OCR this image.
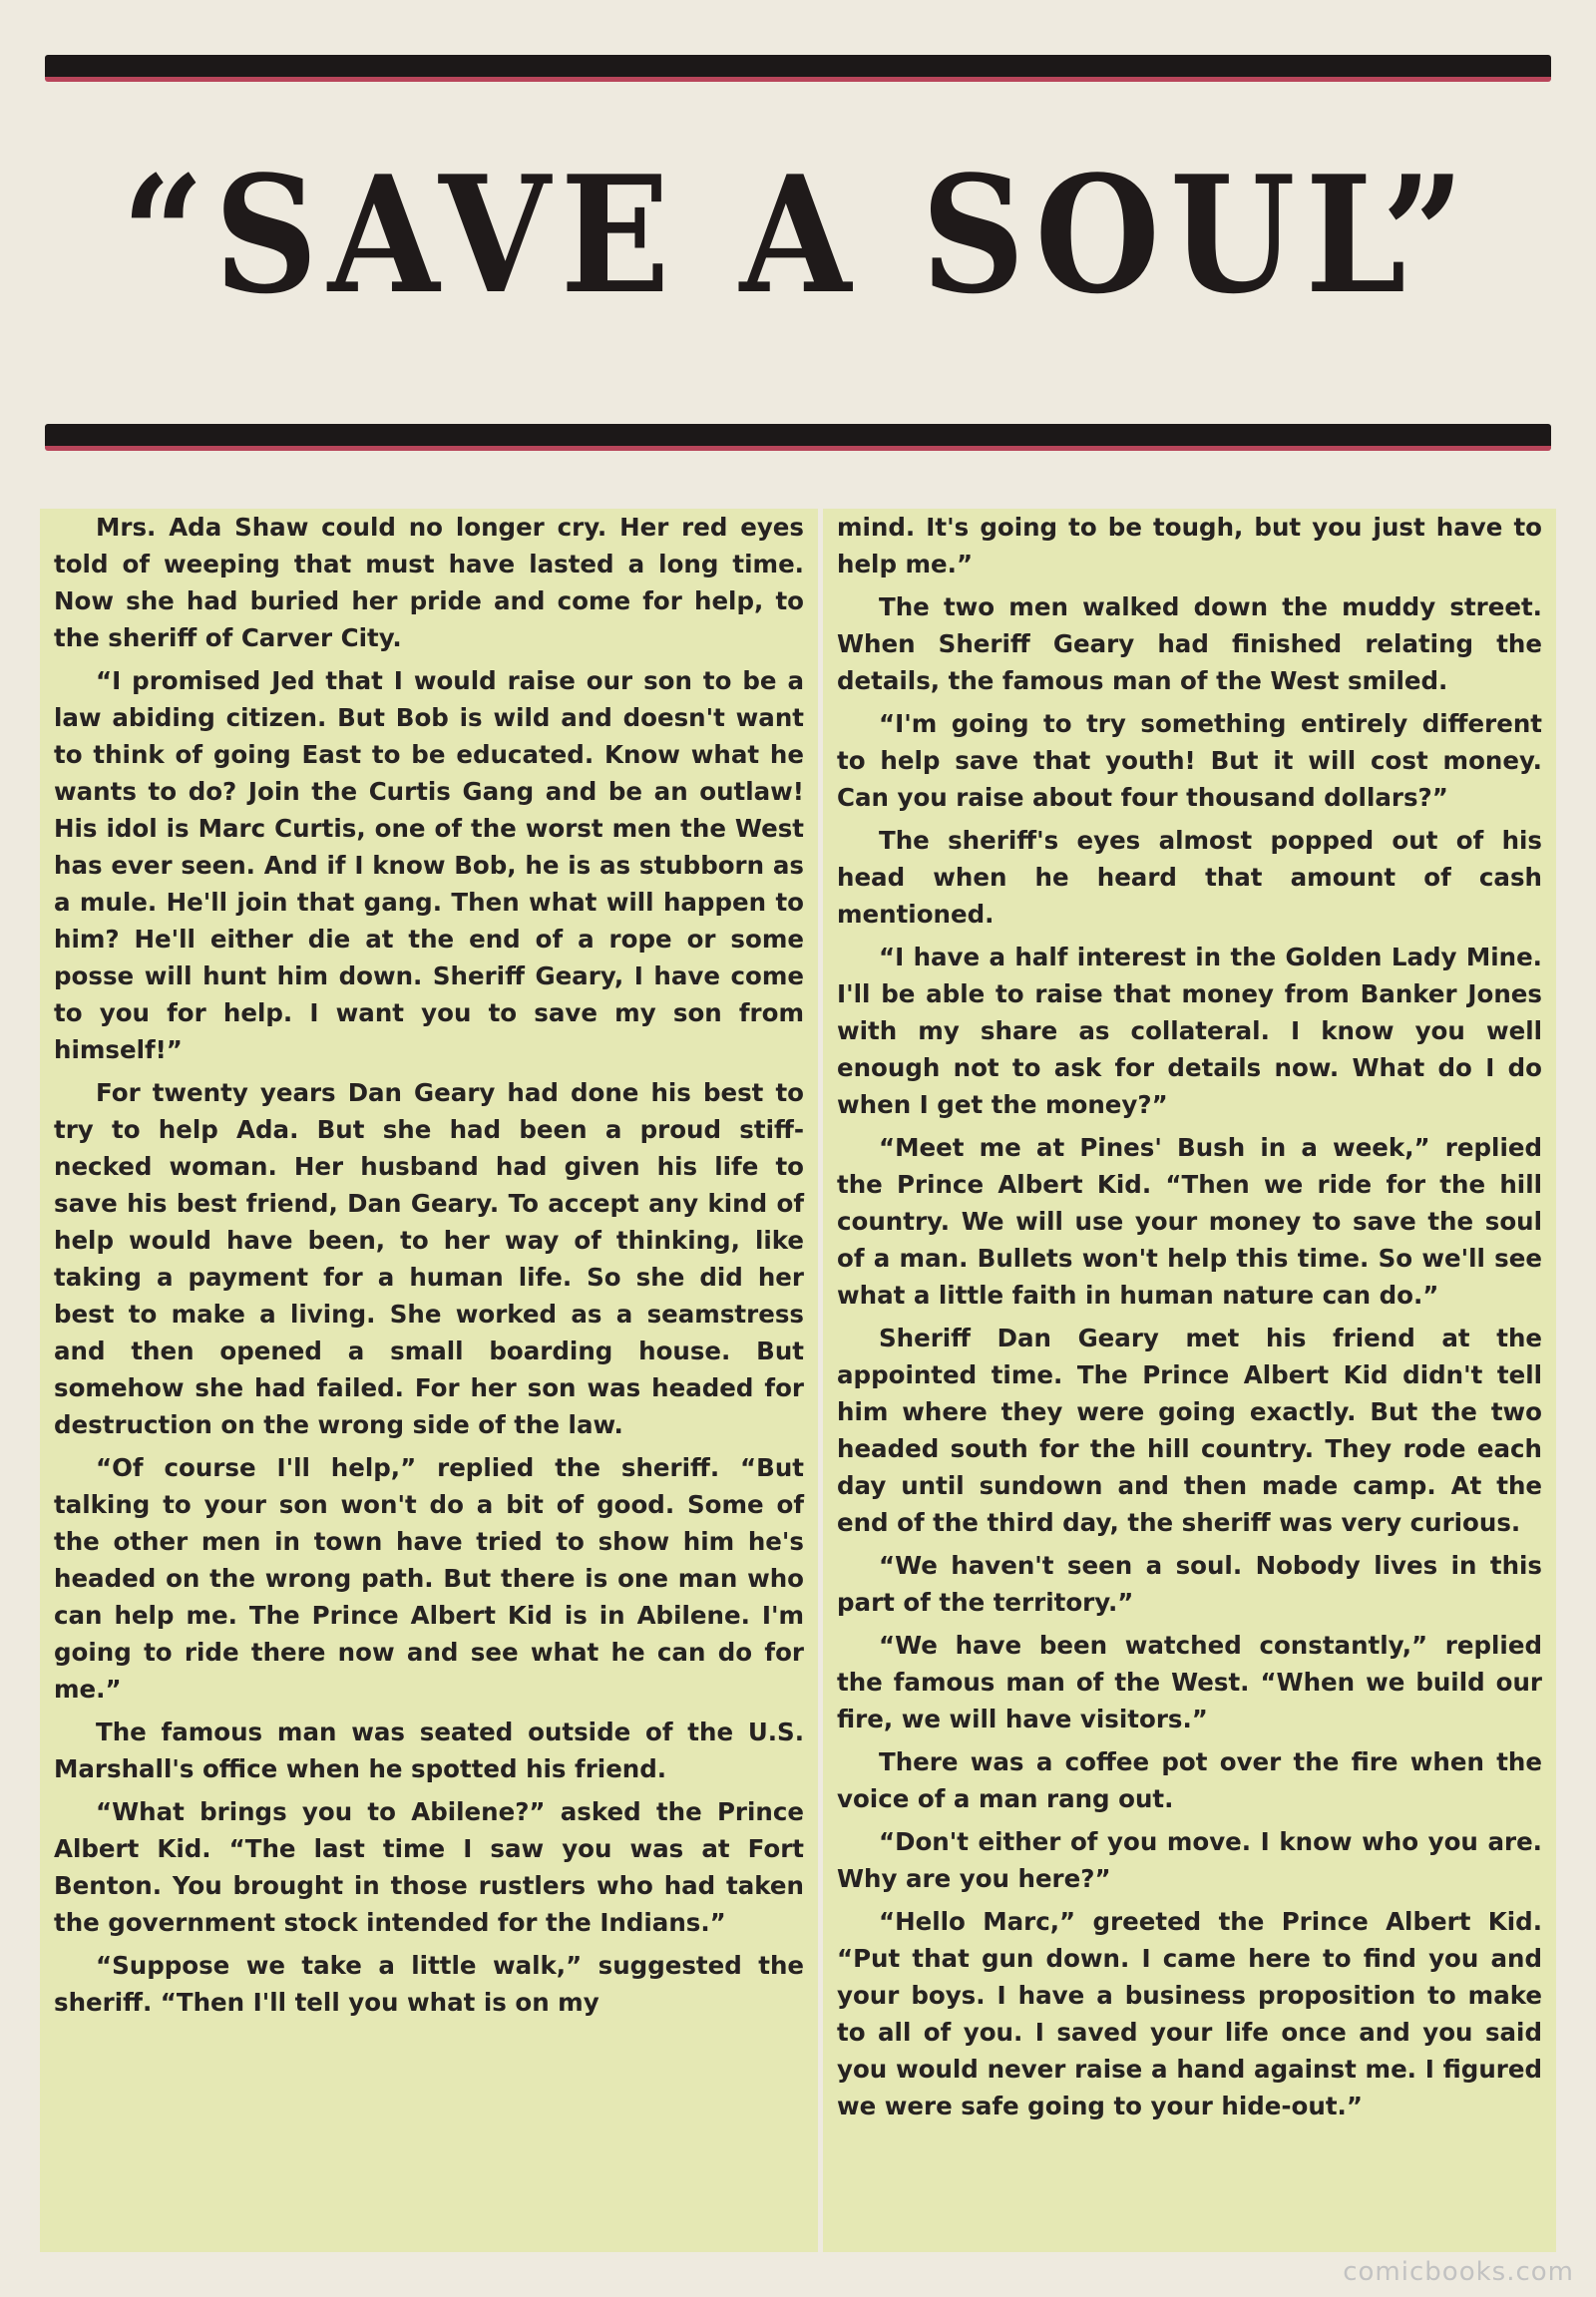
“SAVE A SOUL”

Mrs. Ada Shaw could no longer cry. Her red eyes told of weeping that must have lasted a long time. Now she had buried her pride and come for help, to the sheriff of Carver City.

“I promised Jed that I would raise our son to be a law abiding citizen. But Bob is wild and doesn't want to think of going East to be educated. Know what he wants to do? Join the Curtis Gang and be an outlaw! His idol is Marc Curtis, one of the worst men the West has ever seen. And if I know Bob, he is as stubborn as a mule. He'll join that gang. Then what will happen to him? He'll either die at the end of a rope or some posse will hunt him down. Sheriff Geary, I have come to you for help. I want you to save my son from himself!”

For twenty years Dan Geary had done his best to try to help Ada. But she had been a proud stiff-necked woman. Her husband had given his life to save his best friend, Dan Geary. To accept any kind of help would have been, to her way of thinking, like taking a payment for a human life. So she did her best to make a living. She worked as a seamstress and then opened a small boarding house. But somehow she had failed. For her son was headed for destruction on the wrong side of the law.

“Of course I'll help,” replied the sheriff. “But talking to your son won't do a bit of good. Some of the other men in town have tried to show him he's headed on the wrong path. But there is one man who can help me. The Prince Albert Kid is in Abilene. I'm going to ride there now and see what he can do for me.”

The famous man was seated outside of the U.S. Marshall's office when he spotted his friend.

“What brings you to Abilene?” asked the Prince Albert Kid. “The last time I saw you was at Fort Benton. You brought in those rustlers who had taken the government stock intended for the Indians.”

“Suppose we take a little walk,” suggested the sheriff. “Then I'll tell you what is on my

mind. It's going to be tough, but you just have to help me.”

The two men walked down the muddy street. When Sheriff Geary had finished relating the details, the famous man of the West smiled.

“I'm going to try something entirely different to help save that youth! But it will cost money. Can you raise about four thousand dollars?”

The sheriff's eyes almost popped out of his head when he heard that amount of cash mentioned.

“I have a half interest in the Golden Lady Mine. I'll be able to raise that money from Banker Jones with my share as collateral. I know you well enough not to ask for details now. What do I do when I get the money?”

“Meet me at Pines' Bush in a week,” replied the Prince Albert Kid. “Then we ride for the hill country. We will use your money to save the soul of a man. Bullets won't help this time. So we'll see what a little faith in human nature can do.”

Sheriff Dan Geary met his friend at the appointed time. The Prince Albert Kid didn't tell him where they were going exactly. But the two headed south for the hill country. They rode each day until sundown and then made camp. At the end of the third day, the sheriff was very curious.

“We haven't seen a soul. Nobody lives in this part of the territory.”

“We have been watched constantly,” replied the famous man of the West. “When we build our fire, we will have visitors.”

There was a coffee pot over the fire when the voice of a man rang out.

“Don't either of you move. I know who you are. Why are you here?”

“Hello Marc,” greeted the Prince Albert Kid. “Put that gun down. I came here to find you and your boys. I have a business proposition to make to all of you. I saved your life once and you said you would never raise a hand against me. I figured we were safe going to your hide-out.”

comicbooks.com
